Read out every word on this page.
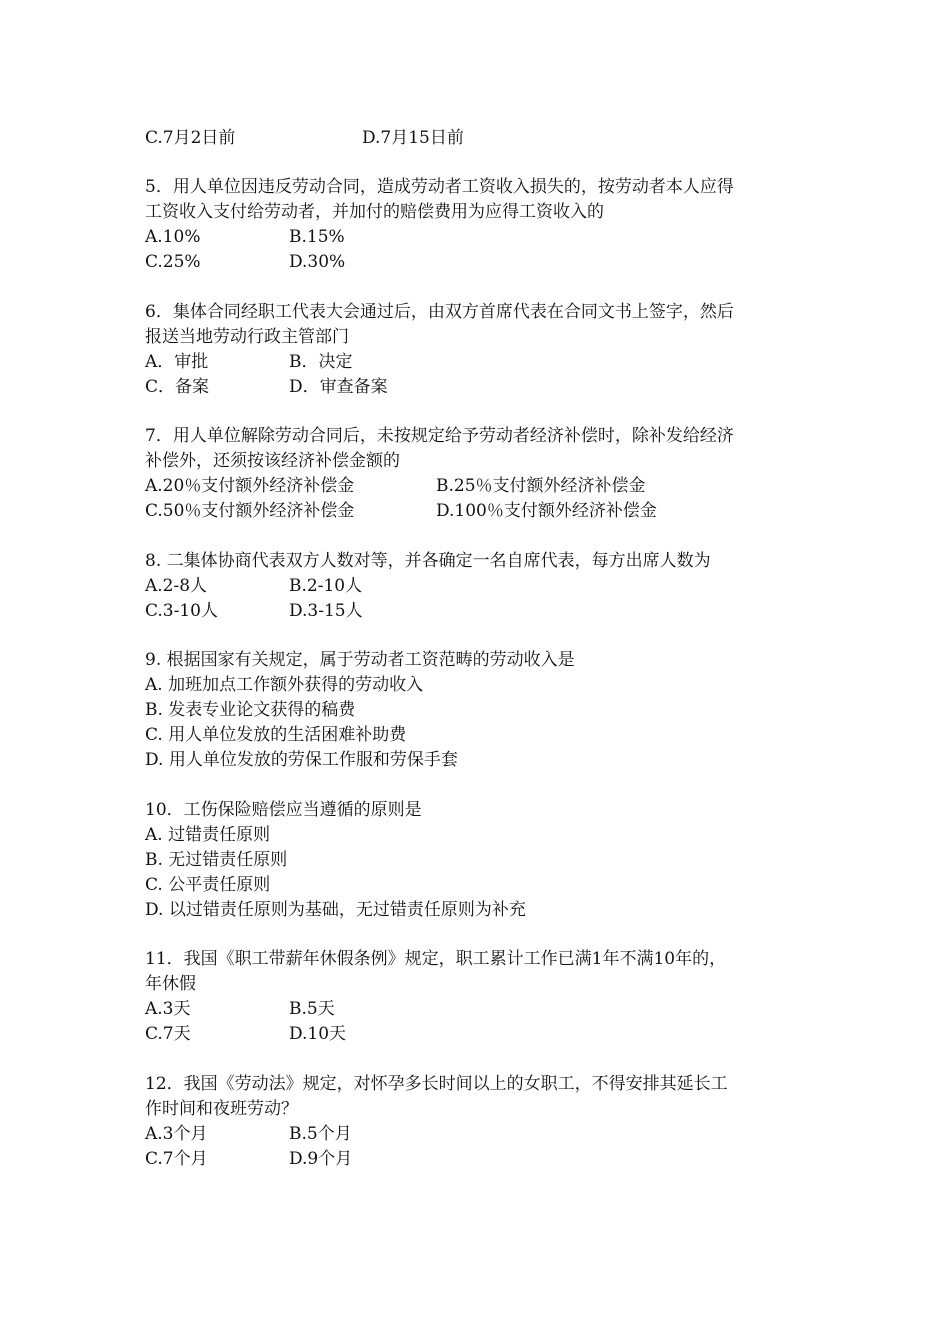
C.7月2日前	D.7月15日前
5．用人单位因违反劳动合同，造成劳动者工资收入损失的，按劳动者本人应得
工资收入支付给劳动者，并加付的赔偿费用为应得工资收入的
A.10%	B.15%
C.25%	D.30%
6．集体合同经职工代表大会通过后，由双方首席代表在合同文书上签字，然后
报送当地劳动行政主管部门
A．审批	B．决定
C．备案	D．审查备案
7．用人单位解除劳动合同后，未按规定给予劳动者经济补偿时，除补发给经济
补偿外，还须按该经济补偿金额的
A.20％支付额外经济补偿金	B.25％支付额外经济补偿金
C.50％支付额外经济补偿金	D.100％支付额外经济补偿金
8. 二集体协商代表双方人数对等，并各确定一名自席代表，每方出席人数为
A.2-8人	B.2-10人
C.3-10人	D.3-15人
9. 根据国家有关规定，属于劳动者工资范畴的劳动收入是
A. 加班加点工作额外获得的劳动收入
B. 发表专业论文获得的稿费
C. 用人单位发放的生活困难补助费
D. 用人单位发放的劳保工作服和劳保手套
10．工伤保险赔偿应当遵循的原则是
A. 过错责任原则
B. 无过错责任原则
C. 公平责任原则
D. 以过错责任原则为基础，无过错责任原则为补充
11．我国《职工带薪年休假条例》规定，职工累计工作已满1年不满10年的，
年休假
A.3天	B.5天
C.7天	D.10天
12．我国《劳动法》规定，对怀孕多长时间以上的女职工，不得安排其延长工
作时间和夜班劳动？
A.3个月	B.5个月
C.7个月	D.9个月
